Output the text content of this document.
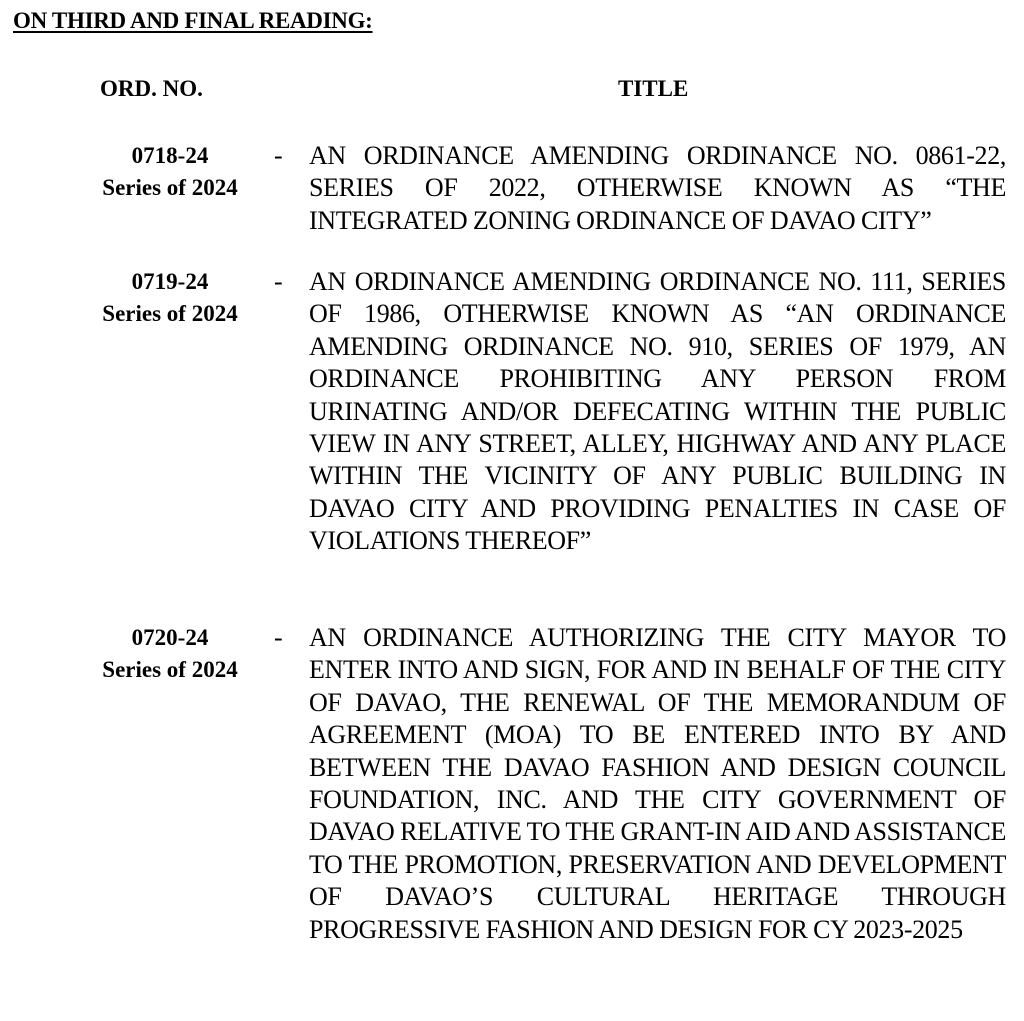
ON THIRD AND FINAL READING:
ORD. NO.	TITLE
0718-24
Series of 2024
- AN ORDINANCE AMENDING ORDINANCE NO. 0861-22, SERIES OF 2022, OTHERWISE KNOWN AS “THE INTEGRATED ZONING ORDINANCE OF DAVAO CITY”
0719-24
Series of 2024
- AN ORDINANCE AMENDING ORDINANCE NO. 111, SERIES OF 1986, OTHERWISE KNOWN AS “AN ORDINANCE AMENDING ORDINANCE NO. 910, SERIES OF 1979, AN ORDINANCE PROHIBITING ANY PERSON FROM URINATING AND/OR DEFECATING WITHIN THE PUBLIC VIEW IN ANY STREET, ALLEY, HIGHWAY AND ANY PLACE WITHIN THE VICINITY OF ANY PUBLIC BUILDING IN DAVAO CITY AND PROVIDING PENALTIES IN CASE OF VIOLATIONS THEREOF”
0720-24
Series of 2024
- AN ORDINANCE AUTHORIZING THE CITY MAYOR TO ENTER INTO AND SIGN, FOR AND IN BEHALF OF THE CITY OF DAVAO, THE RENEWAL OF THE MEMORANDUM OF AGREEMENT (MOA) TO BE ENTERED INTO BY AND BETWEEN THE DAVAO FASHION AND DESIGN COUNCIL FOUNDATION, INC. AND THE CITY GOVERNMENT OF DAVAO RELATIVE TO THE GRANT-IN AID AND ASSISTANCE TO THE PROMOTION, PRESERVATION AND DEVELOPMENT OF DAVAO’S CULTURAL HERITAGE THROUGH PROGRESSIVE FASHION AND DESIGN FOR CY 2023-2025
